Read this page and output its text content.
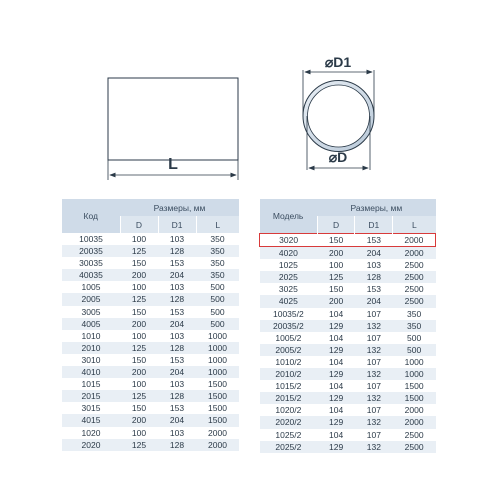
L
⌀D1
⌀D
Код	Размеры, мм		
	D	D1	L
10035	100	103	350
20035	125	128	350
30035	150	153	350
40035	200	204	350
1005	100	103	500
2005	125	128	500
3005	150	153	500
4005	200	204	500
1010	100	103	1000
2010	125	128	1000
3010	150	153	1000
4010	200	204	1000
1015	100	103	1500
2015	125	128	1500
3015	150	153	1500
4015	200	204	1500
1020	100	103	2000
2020	125	128	2000
Модель	Размеры, мм		
	D	D1	L
3020	150	153	2000
4020	200	204	2000
1025	100	103	2500
2025	125	128	2500
3025	150	153	2500
4025	200	204	2500
10035/2	104	107	350
20035/2	129	132	350
1005/2	104	107	500
2005/2	129	132	500
1010/2	104	107	1000
2010/2	129	132	1000
1015/2	104	107	1500
2015/2	129	132	1500
1020/2	104	107	2000
2020/2	129	132	2000
1025/2	104	107	2500
2025/2	129	132	2500
